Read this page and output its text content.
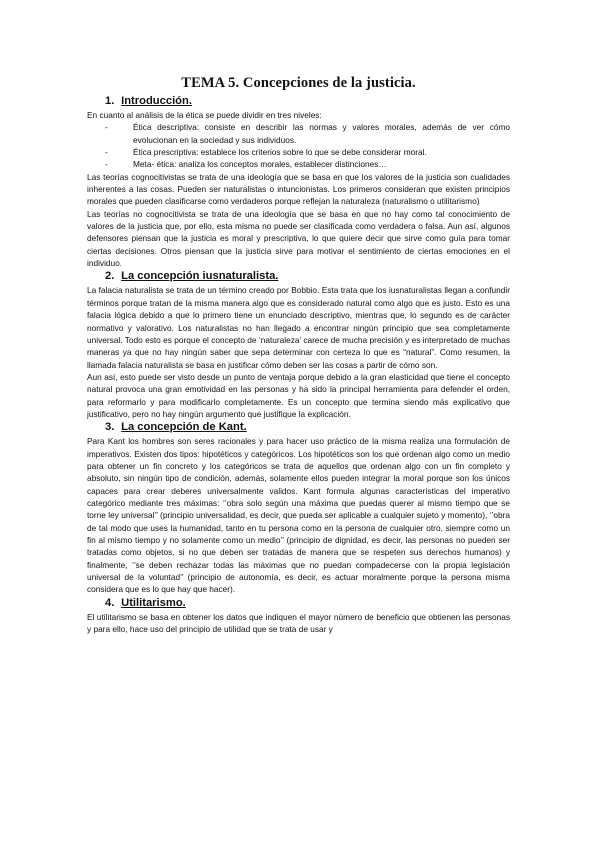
TEMA 5. Concepciones de la justicia.
1. Introducción.

En cuanto al análisis de la ética se puede dividir en tres niveles:

-	Ética descriptiva: consiste en describir las normas y valores morales, además de ver cómo evolucionan en la sociedad y sus individuos.
-	Ética prescriptiva: establece los criterios sobre lo que se debe considerar moral.
-	Meta- ética: analiza los conceptos morales, establecer distinciones…

Las teorías cognocitivistas se trata de una ideología que se basa en que los valores de la justicia son cualidades inherentes a las cosas. Pueden ser naturalistas o intuncionistas. Los primeros consideran que existen principios morales que pueden clasificarse como verdaderos porque reflejan la naturaleza (naturalismo o utilitarismo)

Las teorías no cognocitivista se trata de una ideología que se basa en que no hay como tal conocimiento de valores de la justicia que, por ello, esta misma no puede ser clasificada como verdadera o falsa. Aun así, algunos defensores piensan que la justicia es moral y prescriptiva, lo que quiere decir que sirve como guía para tomar ciertas decisiones. Otros piensan que la justicia sirve para motivar el sentimiento de ciertas emociones en el individuo.

2. La concepción iusnaturalista.

La falacia naturalista se trata de un término creado por Bobbio. Esta trata que los iusnaturalistas llegan a confundir términos porque tratan de la misma manera algo que es considerado natural como algo que es justo. Esto es una falacia lógica debido a que lo primero tiene un enunciado descriptivo, mientras que, lo segundo es de carácter normativo y valorativo. Los naturalistas no han llegado a encontrar ningún principio que sea completamente universal. Todo esto es porque el concepto de ‘naturaleza’ carece de mucha precisión y es interpretado de muchas maneras ya que no hay ningún saber que sepa determinar con certeza lo que es “natural”. Como resumen, la llamada falacia naturalista se basa en justificar cómo deben ser las cosas a partir de cómo son.

Aun así, esto puede ser visto desde un punto de ventaja porque debido a la gran elasticidad que tiene el concepto natural provoca una gran emotividad en las personas y ha sido la principal herramienta para defender el orden, para reformarlo y para modificarlo completamente. Es un concepto que termina siendo más explicativo que justificativo, pero no hay ningún argumento que justifique la explicación.

3. La concepción de Kant.

Para Kant los hombres son seres racionales y para hacer uso práctico de la misma realiza una formulación de imperativos. Existen dos tipos: hipotéticos y categóricos. Los hipotéticos son los que ordenan algo como un medio para obtener un fin concreto y los categóricos se trata de aquellos que ordenan algo con un fin completo y absoluto, sin ningún tipo de condición, además, solamente ellos pueden integrar la moral porque son los únicos capaces para crear deberes universalmente validos. Kant formula algunas características del imperativo categórico mediante tres máximas: ‘’obra solo según una máxima que puedas querer al mismo tiempo que se torne ley universal’’ (principio universalidad, es decir, que pueda ser aplicable a cualquier sujeto y momento), ‘’obra de tal modo que uses la humanidad, tanto en tu persona como en la persona de cualquier otro, siempre como un fin al mismo tiempo y no solamente como un medio’’ (principio de dignidad, es decir, las personas no pueden ser tratadas como objetos, si no que deben ser tratadas de manera que se respeten sus derechos humanos) y finalmente, ‘’se deben rechazar todas las máximas que no puedan compadecerse con la propia legislación universal de la voluntad’’ (principio de autonomía, es decir, es actuar moralmente porque la persona misma considera que es lo que hay que hacer).

4. Utilitarismo.

El utilitarismo se basa en obtener los datos que indiquen el mayor número de beneficio que obtienen las personas y para ello, hace uso del principio de utilidad que se trata de usar y
